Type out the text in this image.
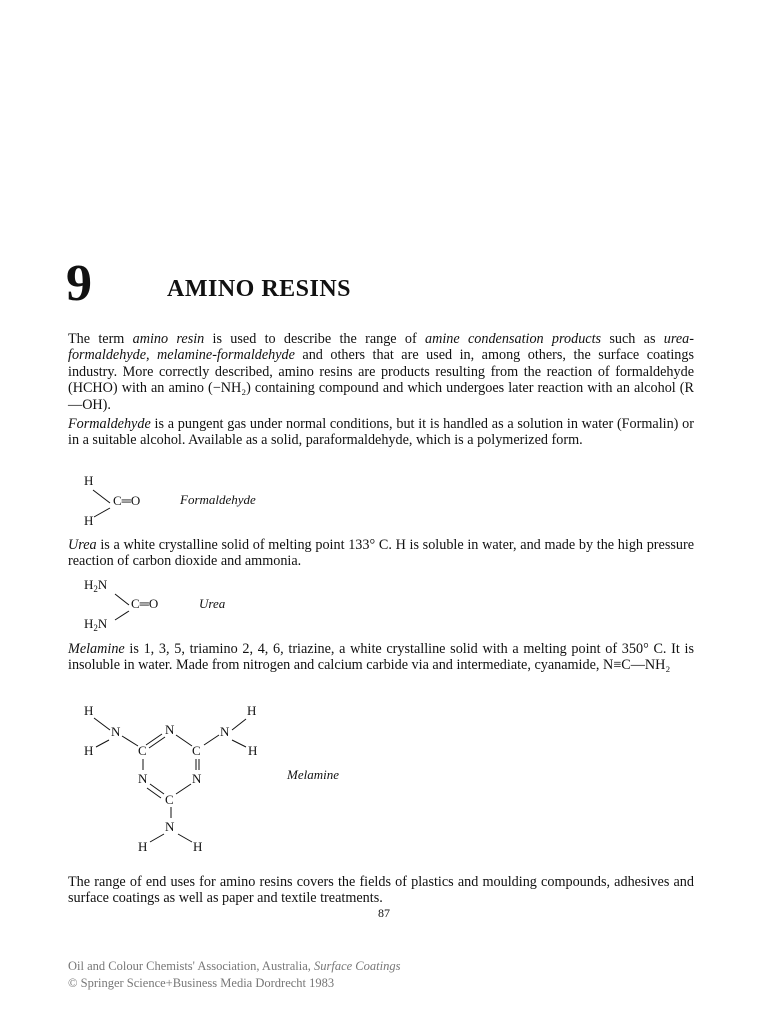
9	AMINO RESINS

The term amino resin is used to describe the range of amine condensation products such as urea-formaldehyde, melamine-formaldehyde and others that are used in, among others, the surface coatings industry. More correctly described, amino resins are products resulting from the reaction of formaldehyde (HCHO) with an amino (−NH₂) containing compound and which undergoes later reaction with an alcohol (R—OH).

Formaldehyde is a pungent gas under normal conditions, but it is handled as a solution in water (Formalin) or in a suitable alcohol. Available as a solid, paraformaldehyde, which is a polymerized form.

H
C═O
H
Formaldehyde

Urea is a white crystalline solid of melting point 133° C. H is soluble in water, and made by the high pressure reaction of carbon dioxide and ammonia.

$H_2N$
C═O
$H_2N$
Urea

Melamine is 1, 3, 5, triamino 2, 4, 6, triazine, a white crystalline solid with a melting point of 350° C. It is insoluble in water. Made from nitrogen and calcium carbide via and intermediate, cyanamide, N≡C—NH₂

H
N
H	C
N
C
N
H
H
N	N
C
N
H	H
Melamine

The range of end uses for amino resins covers the fields of plastics and moulding compounds, adhesives and surface coatings as well as paper and textile treatments.

87
Oil and Colour Chemists' Association, Australia, Surface Coatings
© Springer Science+Business Media Dordrecht 1983
